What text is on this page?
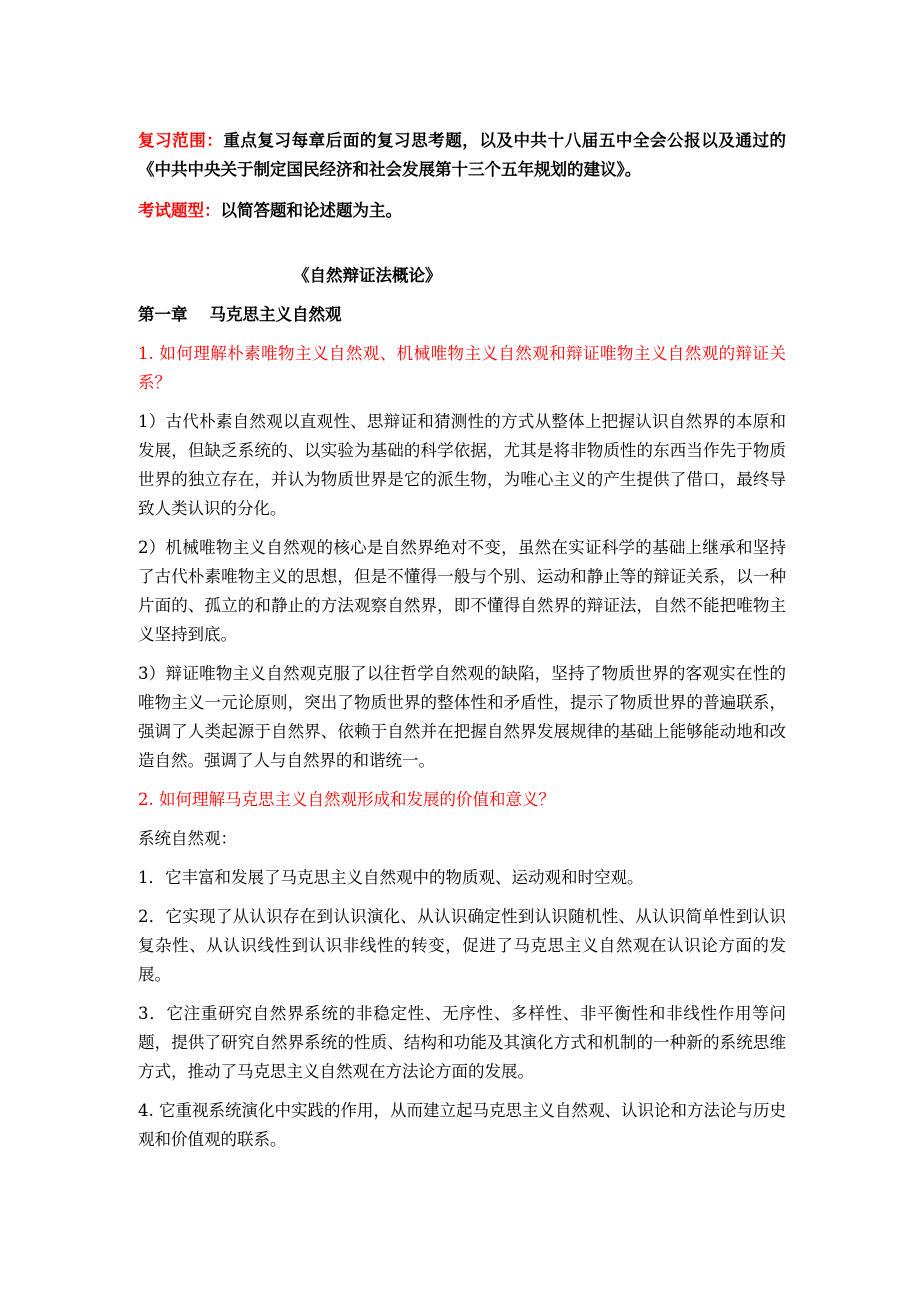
复习范围：重点复习每章后面的复习思考题，以及中共十八届五中全会公报以及通过的《中共中央关于制定国民经济和社会发展第十三个五年规划的建议》。

考试题型：以简答题和论述题为主。

《自然辩证法概论》

第一章 马克思主义自然观

1. 如何理解朴素唯物主义自然观、机械唯物主义自然观和辩证唯物主义自然观的辩证关系？

1）古代朴素自然观以直观性、思辩证和猜测性的方式从整体上把握认识自然界的本原和发展，但缺乏系统的、以实验为基础的科学依据，尤其是将非物质性的东西当作先于物质世界的独立存在，并认为物质世界是它的派生物，为唯心主义的产生提供了借口，最终导致人类认识的分化。

2）机械唯物主义自然观的核心是自然界绝对不变，虽然在实证科学的基础上继承和坚持了古代朴素唯物主义的思想，但是不懂得一般与个别、运动和静止等的辩证关系，以一种片面的、孤立的和静止的方法观察自然界，即不懂得自然界的辩证法，自然不能把唯物主义坚持到底。

3）辩证唯物主义自然观克服了以往哲学自然观的缺陷，坚持了物质世界的客观实在性的唯物主义一元论原则，突出了物质世界的整体性和矛盾性，提示了物质世界的普遍联系，强调了人类起源于自然界、依赖于自然并在把握自然界发展规律的基础上能够能动地和改造自然。强调了人与自然界的和谐统一。

2. 如何理解马克思主义自然观形成和发展的价值和意义？

系统自然观：

1．它丰富和发展了马克思主义自然观中的物质观、运动观和时空观。

2．它实现了从认识存在到认识演化、从认识确定性到认识随机性、从认识简单性到认识复杂性、从认识线性到认识非线性的转变，促进了马克思主义自然观在认识论方面的发展。

3．它注重研究自然界系统的非稳定性、无序性、多样性、非平衡性和非线性作用等问题，提供了研究自然界系统的性质、结构和功能及其演化方式和机制的一种新的系统思维方式，推动了马克思主义自然观在方法论方面的发展。

4. 它重视系统演化中实践的作用，从而建立起马克思主义自然观、认识论和方法论与历史观和价值观的联系。
